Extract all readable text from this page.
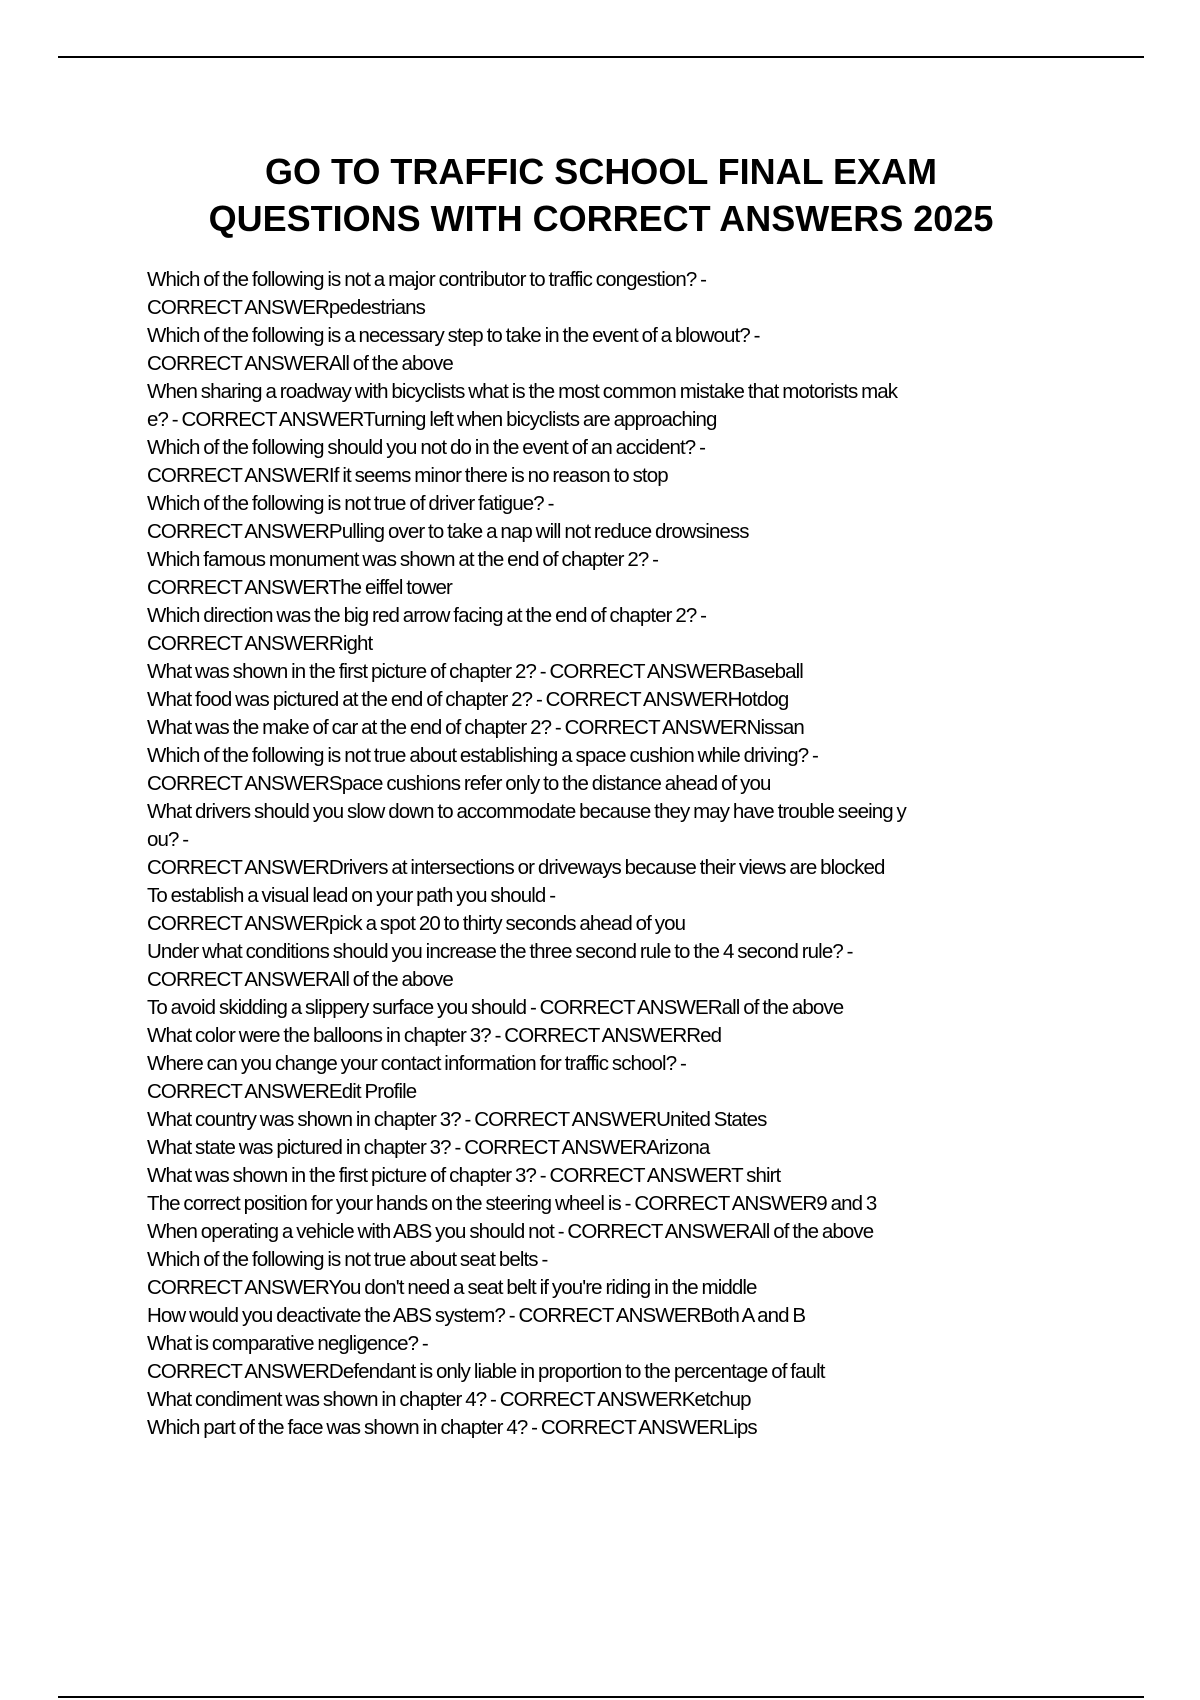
GO TO TRAFFIC SCHOOL FINAL EXAM
QUESTIONS WITH CORRECT ANSWERS 2025
Which of the following is not a major contributor to traffic congestion? -
CORRECT ANSWERpedestrians
Which of the following is a necessary step to take in the event of a blowout? -
CORRECT ANSWERAll of the above
When sharing a roadway with bicyclists what is the most common mistake that motorists mak
e? - CORRECT ANSWERTurning left when bicyclists are approaching
Which of the following should you not do in the event of an accident? -
CORRECT ANSWERIf it seems minor there is no reason to stop
Which of the following is not true of driver fatigue? -
CORRECT ANSWERPulling over to take a nap will not reduce drowsiness
Which famous monument was shown at the end of chapter 2? -
CORRECT ANSWERThe eiffel tower
Which direction was the big red arrow facing at the end of chapter 2? -
CORRECT ANSWERRight
What was shown in the first picture of chapter 2? - CORRECT ANSWERBaseball
What food was pictured at the end of chapter 2? - CORRECT ANSWERHotdog
What was the make of car at the end of chapter 2? - CORRECT ANSWERNissan
Which of the following is not true about establishing a space cushion while driving? -
CORRECT ANSWERSpace cushions refer only to the distance ahead of you
What drivers should you slow down to accommodate because they may have trouble seeing y
ou? -
CORRECT ANSWERDrivers at intersections or driveways because their views are blocked
To establish a visual lead on your path you should -
CORRECT ANSWERpick a spot 20 to thirty seconds ahead of you
Under what conditions should you increase the three second rule to the 4 second rule? -
CORRECT ANSWERAll of the above
To avoid skidding a slippery surface you should - CORRECT ANSWERall of the above
What color were the balloons in chapter 3? - CORRECT ANSWERRed
Where can you change your contact information for traffic school? -
CORRECT ANSWEREdit Profile
What country was shown in chapter 3? - CORRECT ANSWERUnited States
What state was pictured in chapter 3? - CORRECT ANSWERArizona
What was shown in the first picture of chapter 3? - CORRECT ANSWERT shirt
The correct position for your hands on the steering wheel is - CORRECT ANSWER9 and 3
When operating a vehicle with ABS you should not - CORRECT ANSWERAll of the above
Which of the following is not true about seat belts -
CORRECT ANSWERYou don't need a seat belt if you're riding in the middle
How would you deactivate the ABS system? - CORRECT ANSWERBoth A and B
What is comparative negligence? -
CORRECT ANSWERDefendant is only liable in proportion to the percentage of fault
What condiment was shown in chapter 4? - CORRECT ANSWERKetchup
Which part of the face was shown in chapter 4? - CORRECT ANSWERLips
